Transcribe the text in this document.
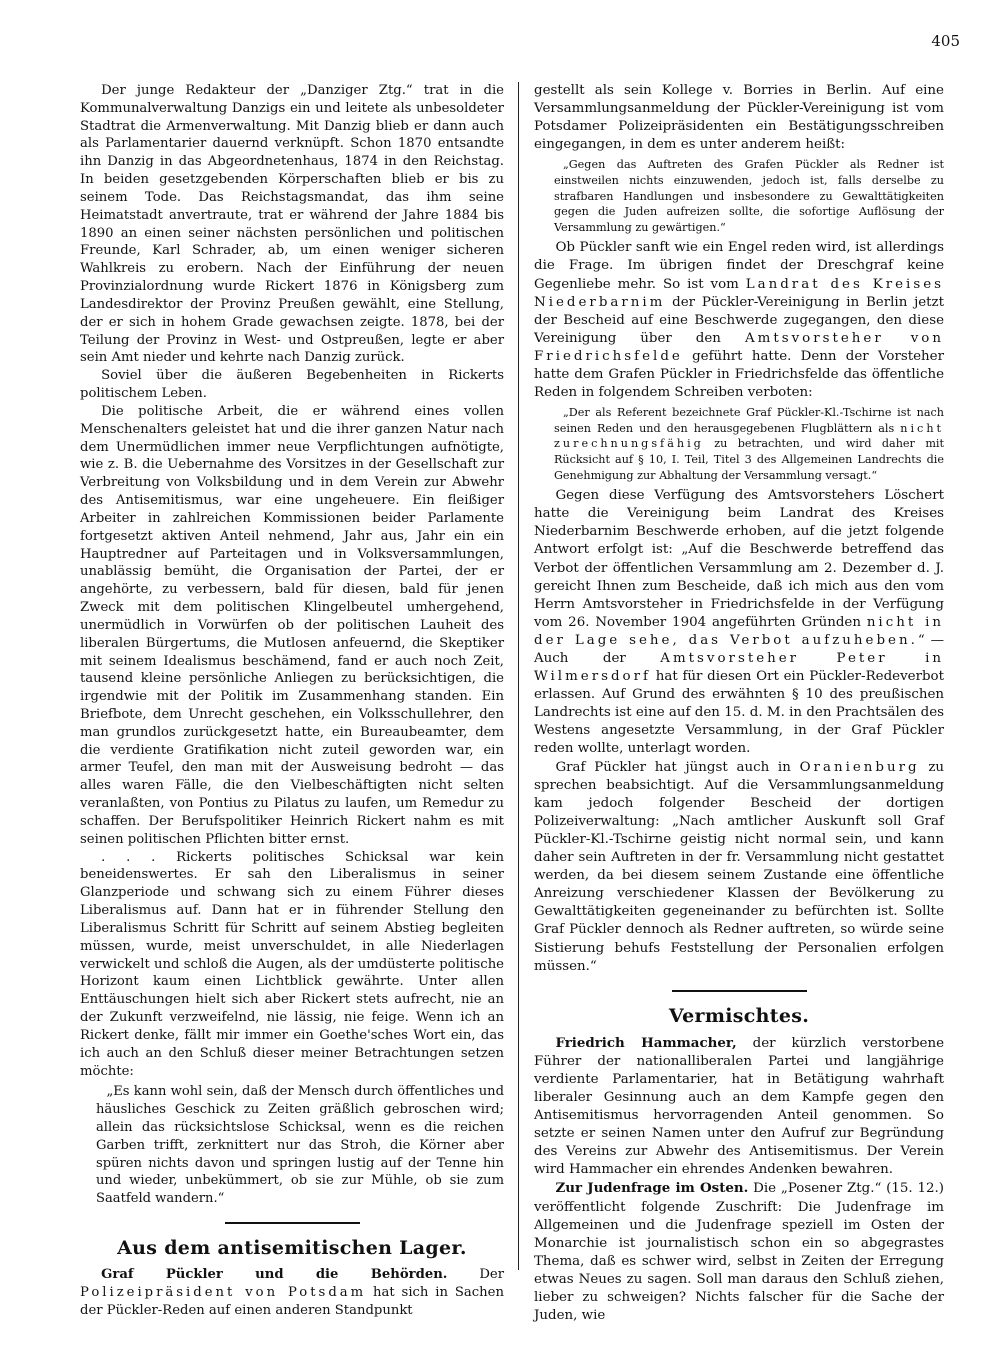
405

Der junge Redakteur der „Danziger Ztg.“ trat in die Kommunalverwaltung Danzigs ein und leitete als unbesoldeter Stadtrat die Armenverwaltung. Mit Danzig blieb er dann auch als Parlamentarier dauernd verknüpft. Schon 1870 entsandte ihn Danzig in das Abgeordnetenhaus, 1874 in den Reichstag. In beiden gesetzgebenden Körperschaften blieb er bis zu seinem Tode. Das Reichstagsmandat, das ihm seine Heimatstadt anvertraute, trat er während der Jahre 1884 bis 1890 an einen seiner nächsten persönlichen und politischen Freunde, Karl Schrader, ab, um einen weniger sicheren Wahlkreis zu erobern. Nach der Einführung der neuen Provinzialordnung wurde Rickert 1876 in Königsberg zum Landesdirektor der Provinz Preußen gewählt, eine Stellung, der er sich in hohem Grade gewachsen zeigte. 1878, bei der Teilung der Provinz in West- und Ostpreußen, legte er aber sein Amt nieder und kehrte nach Danzig zurück.

Soviel über die äußeren Begebenheiten in Rickerts politischem Leben.

Die politische Arbeit, die er während eines vollen Menschenalters geleistet hat und die ihrer ganzen Natur nach dem Unermüdlichen immer neue Verpflichtungen aufnötigte, wie z. B. die Uebernahme des Vorsitzes in der Gesellschaft zur Verbreitung von Volksbildung und in dem Verein zur Abwehr des Antisemitismus, war eine ungeheuere. Ein fleißiger Arbeiter in zahlreichen Kommissionen beider Parlamente fortgesetzt aktiven Anteil nehmend, Jahr aus, Jahr ein ein Hauptredner auf Parteitagen und in Volksversammlungen, unablässig bemüht, die Organisation der Partei, der er angehörte, zu verbessern, bald für diesen, bald für jenen Zweck mit dem politischen Klingelbeutel umhergehend, unermüdlich in Vorwürfen ob der politischen Lauheit des liberalen Bürgertums, die Mutlosen anfeuernd, die Skeptiker mit seinem Idealismus beschämend, fand er auch noch Zeit, tausend kleine persönliche Anliegen zu berücksichtigen, die irgendwie mit der Politik im Zusammenhang standen. Ein Briefbote, dem Unrecht geschehen, ein Volksschullehrer, den man grundlos zurückgesetzt hatte, ein Bureaubeamter, dem die verdiente Gratifikation nicht zuteil geworden war, ein armer Teufel, den man mit der Ausweisung bedroht — das alles waren Fälle, die den Vielbeschäftigten nicht selten veranlaßten, von Pontius zu Pilatus zu laufen, um Remedur zu schaffen. Der Berufspolitiker Heinrich Rickert nahm es mit seinen politischen Pflichten bitter ernst.

. . . Rickerts politisches Schicksal war kein beneidenswertes. Er sah den Liberalismus in seiner Glanzperiode und schwang sich zu einem Führer dieses Liberalismus auf. Dann hat er in führender Stellung den Liberalismus Schritt für Schritt auf seinem Abstieg begleiten müssen, wurde, meist unverschuldet, in alle Niederlagen verwickelt und schloß die Augen, als der umdüsterte politische Horizont kaum einen Lichtblick gewährte. Unter allen Enttäuschungen hielt sich aber Rickert stets aufrecht, nie an der Zukunft verzweifelnd, nie lässig, nie feige. Wenn ich an Rickert denke, fällt mir immer ein Goethe'sches Wort ein, das ich auch an den Schluß dieser meiner Betrachtungen setzen möchte:

„Es kann wohl sein, daß der Mensch durch öffentliches und häusliches Geschick zu Zeiten gräßlich gebroschen wird; allein das rücksichtslose Schicksal, wenn es die reichen Garben trifft, zerknittert nur das Stroh, die Körner aber spüren nichts davon und springen lustig auf der Tenne hin und wieder, unbekümmert, ob sie zur Mühle, ob sie zum Saatfeld wandern.“

Aus dem antisemitischen Lager.

Graf Pückler und die Behörden. Der Polizeipräsident von Potsdam hat sich in Sachen der Pückler-Reden auf einen anderen Standpunkt

gestellt als sein Kollege v. Borries in Berlin. Auf eine Versammlungsanmeldung der Pückler-Vereinigung ist vom Potsdamer Polizeipräsidenten ein Bestätigungsschreiben eingegangen, in dem es unter anderem heißt:

„Gegen das Auftreten des Grafen Pückler als Redner ist einstweilen nichts einzuwenden, jedoch ist, falls derselbe zu strafbaren Handlungen und insbesondere zu Gewalttätigkeiten gegen die Juden aufreizen sollte, die sofortige Auflösung der Versammlung zu gewärtigen.“

Ob Pückler sanft wie ein Engel reden wird, ist allerdings die Frage. Im übrigen findet der Dreschgraf keine Gegenliebe mehr. So ist vom Landrat des Kreises Niederbarnim der Pückler-Vereinigung in Berlin jetzt der Bescheid auf eine Beschwerde zugegangen, den diese Vereinigung über den Amtsvorsteher von Friedrichsfelde geführt hatte. Denn der Vorsteher hatte dem Grafen Pückler in Friedrichsfelde das öffentliche Reden in folgendem Schreiben verboten:

„Der als Referent bezeichnete Graf Pückler-Kl.-Tschirne ist nach seinen Reden und den herausgegebenen Flugblättern als nicht zurechnungsfähig zu betrachten, und wird daher mit Rücksicht auf § 10, I. Teil, Titel 3 des Allgemeinen Landrechts die Genehmigung zur Abhaltung der Versammlung versagt.“

Gegen diese Verfügung des Amtsvorstehers Löschert hatte die Vereinigung beim Landrat des Kreises Niederbarnim Beschwerde erhoben, auf die jetzt folgende Antwort erfolgt ist: „Auf die Beschwerde betreffend das Verbot der öffentlichen Versammlung am 2. Dezember d. J. gereicht Ihnen zum Bescheide, daß ich mich aus den vom Herrn Amtsvorsteher in Friedrichsfelde in der Verfügung vom 26. November 1904 angeführten Gründen nicht in der Lage sehe, das Verbot aufzuheben.“ — Auch der	Amtsvorsteher Peter in Wilmersdorf hat für diesen Ort ein Pückler-Redeverbot erlassen. Auf Grund des erwähnten § 10 des preußischen Landrechts ist eine auf den 15. d. M. in den Prachtsälen des Westens angesetzte Versammlung, in der Graf Pückler reden wollte, unterlagt worden.

Graf Pückler hat jüngst auch in Oranienburg zu sprechen beabsichtigt. Auf die Versammlungsanmeldung kam jedoch folgender Bescheid der dortigen Polizeiverwaltung: „Nach amtlicher Auskunft soll Graf Pückler-Kl.-Tschirne geistig nicht normal sein, und kann daher sein Auftreten in der fr. Versammlung nicht gestattet werden, da bei diesem seinem Zustande eine öffentliche Anreizung verschiedener Klassen der Bevölkerung zu Gewalttätigkeiten gegeneinander zu befürchten ist. Sollte Graf Pückler dennoch als Redner auftreten, so würde seine Sistierung behufs Feststellung der Personalien erfolgen müssen.“

Vermischtes.

Friedrich Hammacher, der kürzlich verstorbene Führer der nationalliberalen Partei und langjährige verdiente Parlamentarier, hat in Betätigung wahrhaft liberaler Gesinnung auch an dem Kampfe gegen den Antisemitismus hervorragenden Anteil genommen. So setzte er seinen Namen unter den Aufruf zur Begründung des Vereins zur Abwehr des Antisemitismus. Der Verein wird Hammacher ein ehrendes Andenken bewahren.

Zur Judenfrage im Osten. Die „Posener Ztg.“ (15. 12.) veröffentlicht folgende Zuschrift: Die Judenfrage im Allgemeinen und die Judenfrage speziell im Osten der Monarchie ist journalistisch schon ein so abgegrastes Thema, daß es schwer wird, selbst in Zeiten der Erregung etwas Neues zu sagen. Soll man daraus den Schluß ziehen, lieber zu schweigen? Nichts falscher für die Sache der Juden, wie
